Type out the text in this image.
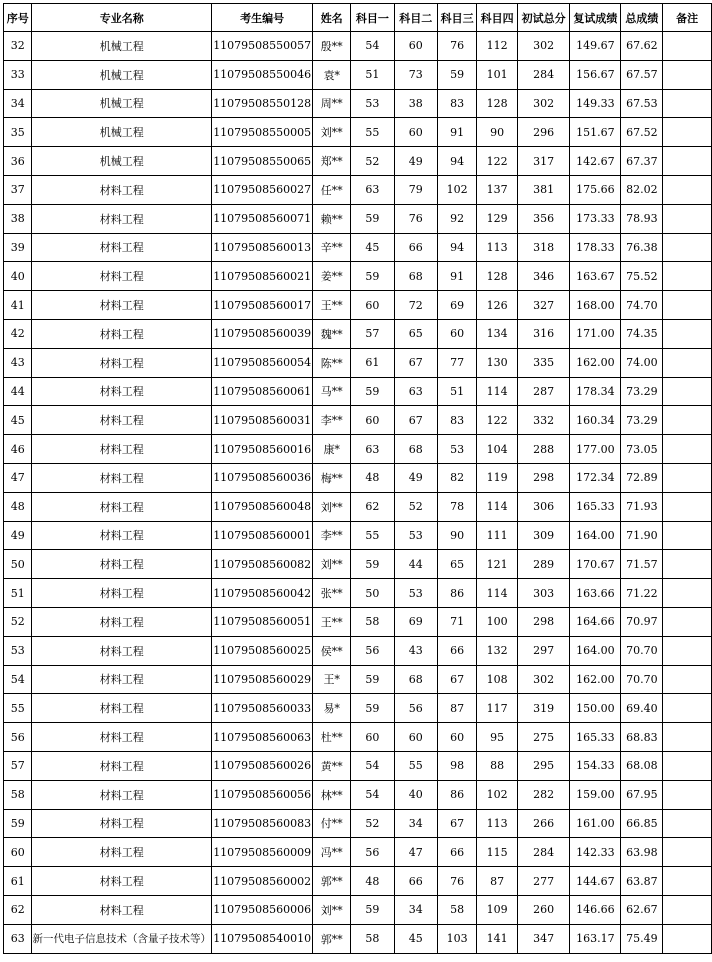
序号	专业名称	考生编号	姓名	科目一	科目二	科目三	科目四	初试总分	复试成绩	总成绩	备注
32	机械工程	11079508550057	殷**	54	60	76	112	302	149.67	67.62	
33	机械工程	11079508550046	袁*	51	73	59	101	284	156.67	67.57	
34	机械工程	11079508550128	周**	53	38	83	128	302	149.33	67.53	
35	机械工程	11079508550005	刘**	55	60	91	90	296	151.67	67.52	
36	机械工程	11079508550065	郑**	52	49	94	122	317	142.67	67.37	
37	材料工程	11079508560027	任**	63	79	102	137	381	175.66	82.02	
38	材料工程	11079508560071	赖**	59	76	92	129	356	173.33	78.93	
39	材料工程	11079508560013	辛**	45	66	94	113	318	178.33	76.38	
40	材料工程	11079508560021	姜**	59	68	91	128	346	163.67	75.52	
41	材料工程	11079508560017	王**	60	72	69	126	327	168.00	74.70	
42	材料工程	11079508560039	魏**	57	65	60	134	316	171.00	74.35	
43	材料工程	11079508560054	陈**	61	67	77	130	335	162.00	74.00	
44	材料工程	11079508560061	马**	59	63	51	114	287	178.34	73.29	
45	材料工程	11079508560031	李**	60	67	83	122	332	160.34	73.29	
46	材料工程	11079508560016	康*	63	68	53	104	288	177.00	73.05	
47	材料工程	11079508560036	梅**	48	49	82	119	298	172.34	72.89	
48	材料工程	11079508560048	刘**	62	52	78	114	306	165.33	71.93	
49	材料工程	11079508560001	李**	55	53	90	111	309	164.00	71.90	
50	材料工程	11079508560082	刘**	59	44	65	121	289	170.67	71.57	
51	材料工程	11079508560042	张**	50	53	86	114	303	163.66	71.22	
52	材料工程	11079508560051	王**	58	69	71	100	298	164.66	70.97	
53	材料工程	11079508560025	侯**	56	43	66	132	297	164.00	70.70	
54	材料工程	11079508560029	王*	59	68	67	108	302	162.00	70.70	
55	材料工程	11079508560033	易*	59	56	87	117	319	150.00	69.40	
56	材料工程	11079508560063	杜**	60	60	60	95	275	165.33	68.83	
57	材料工程	11079508560026	黄**	54	55	98	88	295	154.33	68.08	
58	材料工程	11079508560056	林**	54	40	86	102	282	159.00	67.95	
59	材料工程	11079508560083	付**	52	34	67	113	266	161.00	66.85	
60	材料工程	11079508560009	冯**	56	47	66	115	284	142.33	63.98	
61	材料工程	11079508560002	郭**	48	66	76	87	277	144.67	63.87	
62	材料工程	11079508560006	刘**	59	34	58	109	260	146.66	62.67	
63	新一代电子信息技术（含量子技术等）	11079508540010	郭**	58	45	103	141	347	163.17	75.49	
